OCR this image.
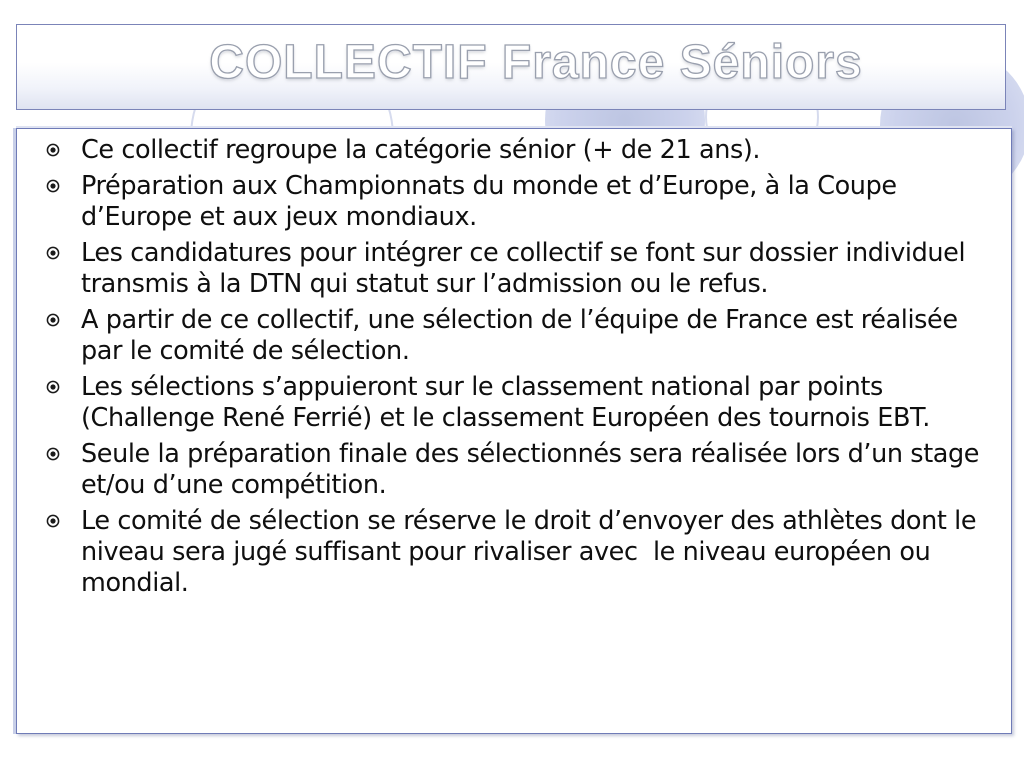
COLLECTIF France Séniors
Ce collectif regroupe la catégorie sénior (+ de 21 ans).
Préparation aux Championnats du monde et d’Europe, à la Coupe d’Europe et aux jeux mondiaux.
Les candidatures pour intégrer ce collectif se font sur dossier individuel transmis à la DTN qui statut sur l’admission ou le refus.
A partir de ce collectif, une sélection de l’équipe de France est réalisée par le comité de sélection.
Les sélections s’appuieront sur le classement national par points (Challenge René Ferrié) et le classement Européen des tournois EBT.
Seule la préparation finale des sélectionnés sera réalisée lors d’un stage et/ou d’une compétition.
Le comité de sélection se réserve le droit d’envoyer des athlètes dont le niveau sera jugé suffisant pour rivaliser avec  le niveau européen ou mondial.
